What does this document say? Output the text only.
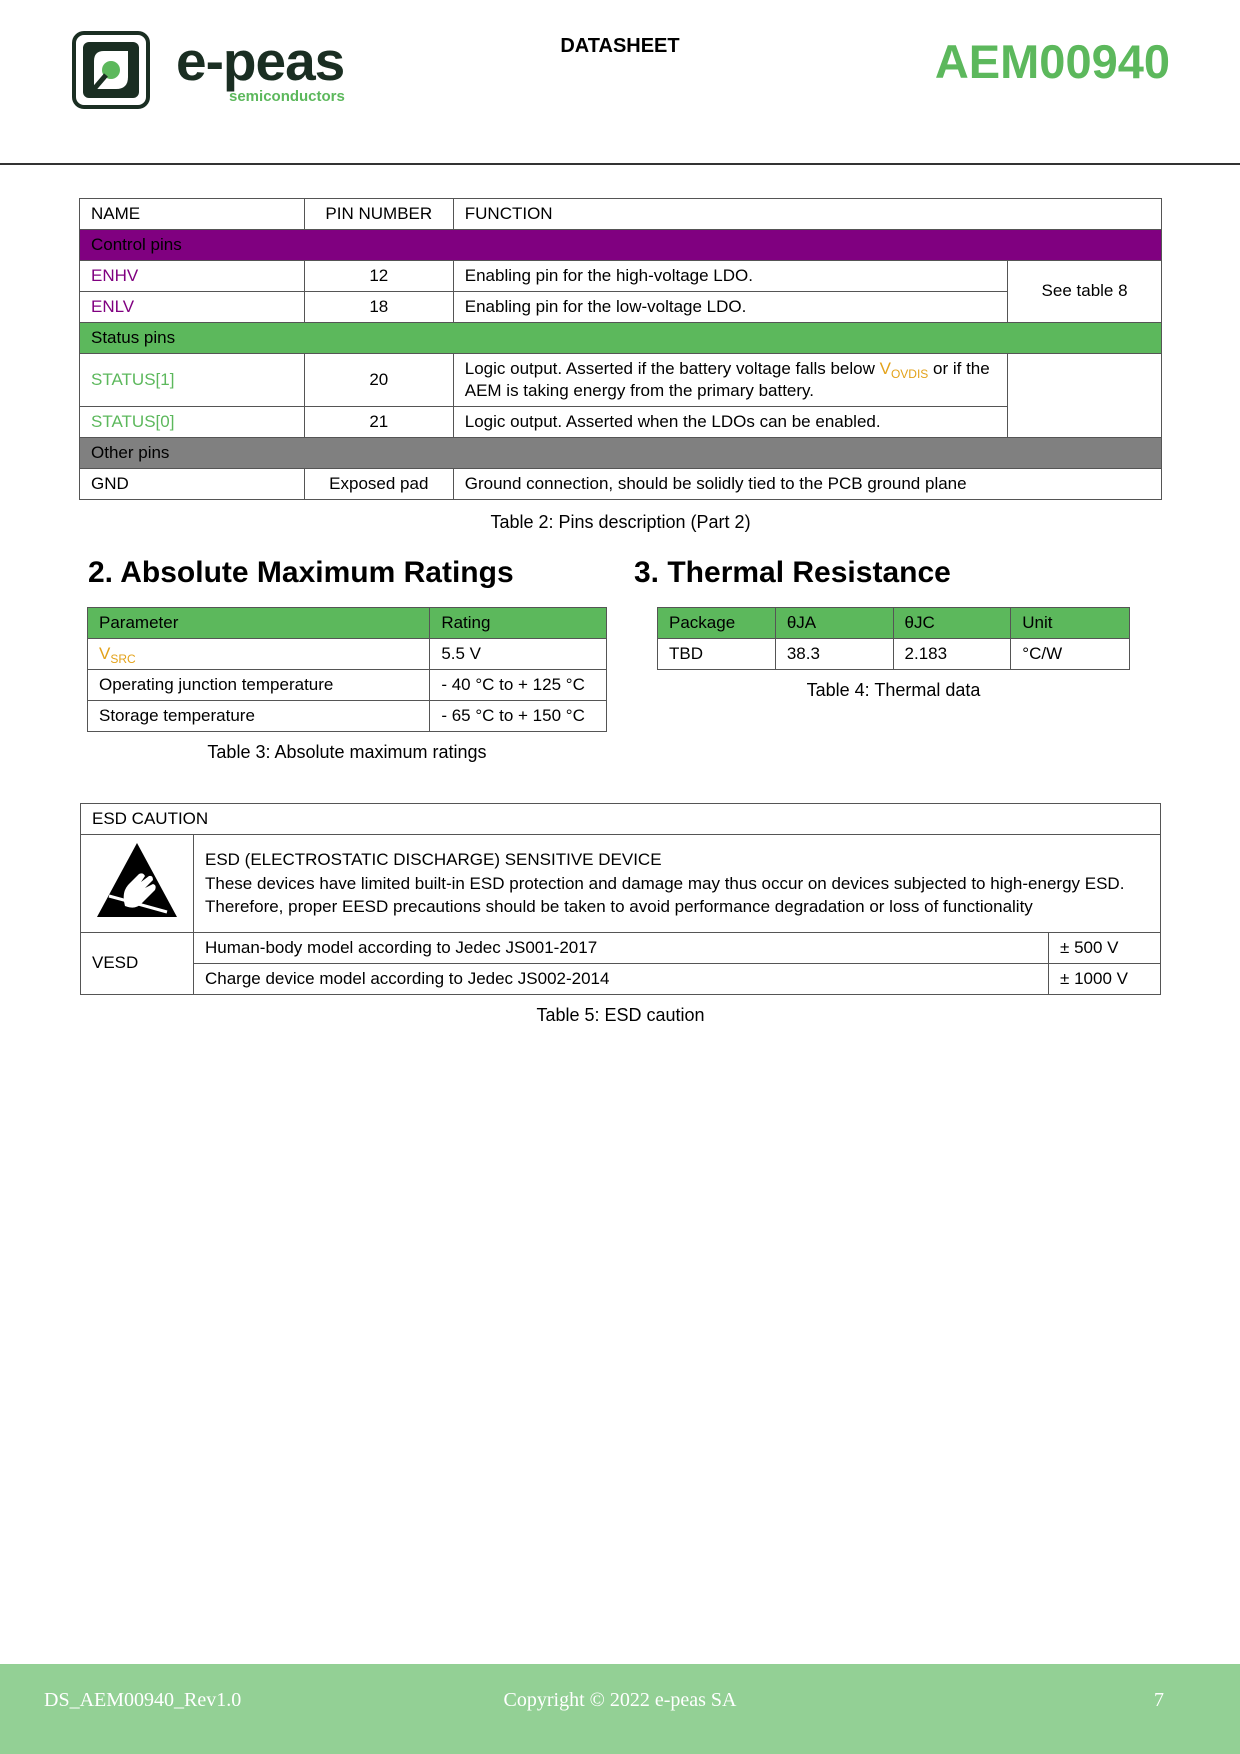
e-peas
semiconductors
DATASHEET	AEM00940
NAME	PIN NUMBER	FUNCTION	
Control pins			
ENHV	12	Enabling pin for the high-voltage LDO.	See table 8
ENLV	18	Enabling pin for the low-voltage LDO.	
Status pins			
STATUS[1]	20	Logic output. Asserted if the battery voltage falls below $V_{OVDIS}$ or if the AEM is taking energy from the primary battery.	
STATUS[0]	21	Logic output. Asserted when the LDOs can be enabled.	
Other pins			
GND	Exposed pad	Ground connection, should be solidly tied to the PCB ground plane	
Table 2: Pins description (Part 2)
2. Absolute Maximum Ratings	3. Thermal Resistance
Parameter	Rating
$V_{SRC}$	5.5 V
Operating junction temperature	- 40 °C to + 125 °C
Storage temperature	- 65 °C to + 150 °C
Table 3: Absolute maximum ratings
Package	θJA	θJC	Unit
TBD	38.3	2.183	°C/W
Table 4: Thermal data
ESD CAUTION		

ESD (ELECTROSTATIC DISCHARGE) SENSITIVE DEVICE
These devices have limited built-in ESD protection and damage may thus occur on devices subjected to high-energy ESD. Therefore, proper EESD precautions should be taken to avoid performance degradation or loss of functionality	

VESD	Human-body model according to Jedec JS001-2017	± 500 V
	Charge device model according to Jedec JS002-2014	± 1000 V
Table 5: ESD caution
DS_AEM00940_Rev1.0	Copyright © 2022 e-peas SA	7
